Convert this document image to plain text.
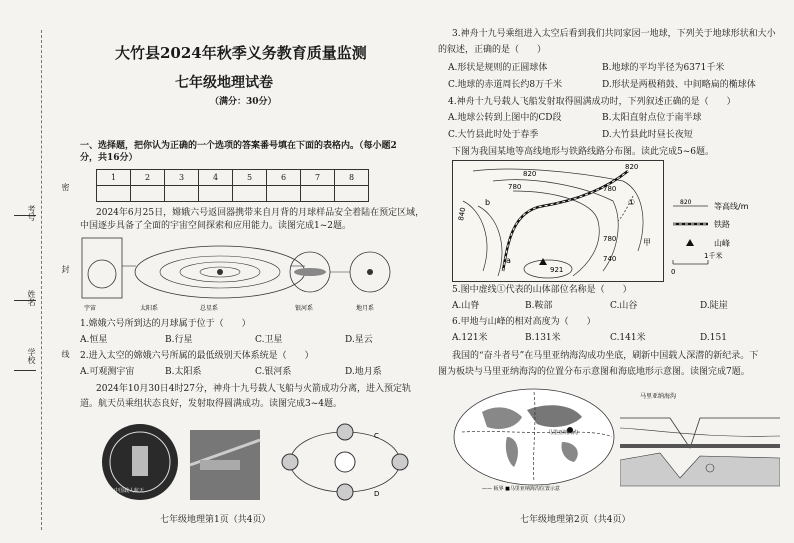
学校
姓名
考号
密
封
线
大竹县2024年秋季义务教育质量监测
七年级地理试卷
（满分：30分）
一、选择题，把你认为正确的一个选项的答案番号填在下面的表格内。（每小题2分，共16分）
1	2	3	4	5	6	7	8

2024年6月25日，嫦娥六号返回器携带来自月背的月球样品安全着陆在预定区域，
中国逐步具备了全面的宇宙空间探索和应用能力。读图完成1~2题。
宇宙	总星系	银河系
太阳系	地月系
1.嫦娥六号所到达的月球属于位于（　　）
A.恒星	B.行星	C.卫星	D.星云
2.进入太空的嫦娥六号所属的最低级别天体系统是（　　）
A.可观测宇宙	B.太阳系	C.银河系	D.地月系
2024年10月30日4时27分，神舟十九号载人飞船与火箭成功分离，进入预定轨
道。航天员乘组状态良好，发射取得圆满成功。读图完成3~4题。
中国载人航天
C
D
七年级地理第1页（共4页）
3.神舟十九号乘组进入太空后看到我们共同家园一地球，下列关于地球形状和大小
的叙述，正确的是（　　）
A.形状是规则的正圆球体	B.地球的平均半径为6371千米
C.地球的赤道周长约8万千米	D.形状是两极稍鼓、中间略扁的椭球体
4.神舟十九号载人飞船发射取得圆满成功时，下列叙述正确的是（　　）
A.地球公转到上图中的CD段	B.太阳直射点位于南半球
C.大竹县此时处于春季	D.大竹县此时昼长夜短
下图为我国某地等高线地形与铁路线路分布图。读此完成5~6题。
820
780
820
780
840
780
740
b
a
①
甲
921
820	等高线/m
铁路
山峰
0
1千米
5.图中虚线①代表的山体部位名称是（　　）
A.山脊	B.鞍部	C.山谷	D.陡崖
6.甲地与山峰的相对高度为（　　）
A.121米	B.131米	C.141米	D.151
我国的“奋斗者号”在马里亚纳海沟成功坐底，刷新中国载人深潜的新纪录。下
图为板块与马里亚纳海沟的位置分布示意图和海底地形示意图。读图完成7题。
马里亚纳海沟
—— 板界 ■马里亚纳海沟位置示意
马里亚纳海沟
七年级地理第2页（共4页）
